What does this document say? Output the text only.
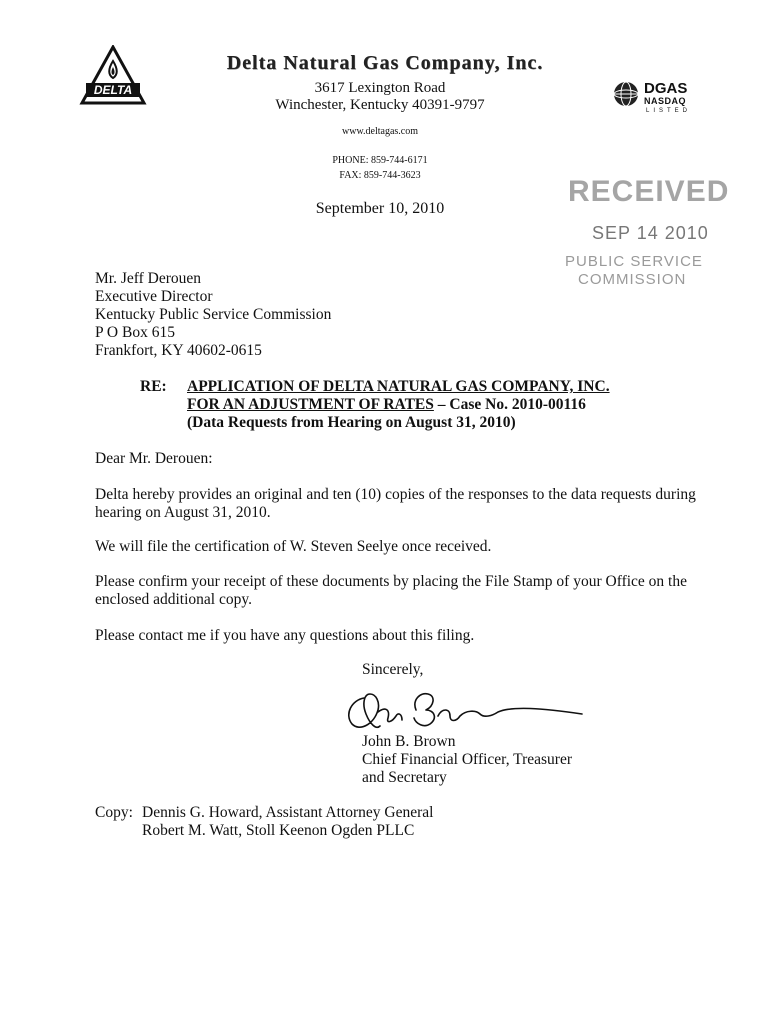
DELTA
Delta Natural Gas Company, Inc.
3617 Lexington Road
Winchester, Kentucky 40391-9797
www.deltagas.com
PHONE: 859-744-6171
FAX: 859-744-3623
DGAS
NASDAQ
LISTED
September 10, 2010
RECEIVED
SEP 14 2010
PUBLIC SERVICE
COMMISSION
Mr. Jeff Derouen
Executive Director
Kentucky Public Service Commission
P O Box 615
Frankfort, KY 40602-0615
RE: APPLICATION OF DELTA NATURAL GAS COMPANY, INC.
FOR AN ADJUSTMENT OF RATES – Case No. 2010-00116
(Data Requests from Hearing on August 31, 2010)
Dear Mr. Derouen:
Delta hereby provides an original and ten (10) copies of the responses to the data requests during
hearing on August 31, 2010.
We will file the certification of W. Steven Seelye once received.
Please confirm your receipt of these documents by placing the File Stamp of your Office on the
enclosed additional copy.
Please contact me if you have any questions about this filing.
Sincerely,
John B. Brown
Chief Financial Officer, Treasurer
and Secretary
Copy: Dennis G. Howard, Assistant Attorney General
Robert M. Watt, Stoll Keenon Ogden PLLC
